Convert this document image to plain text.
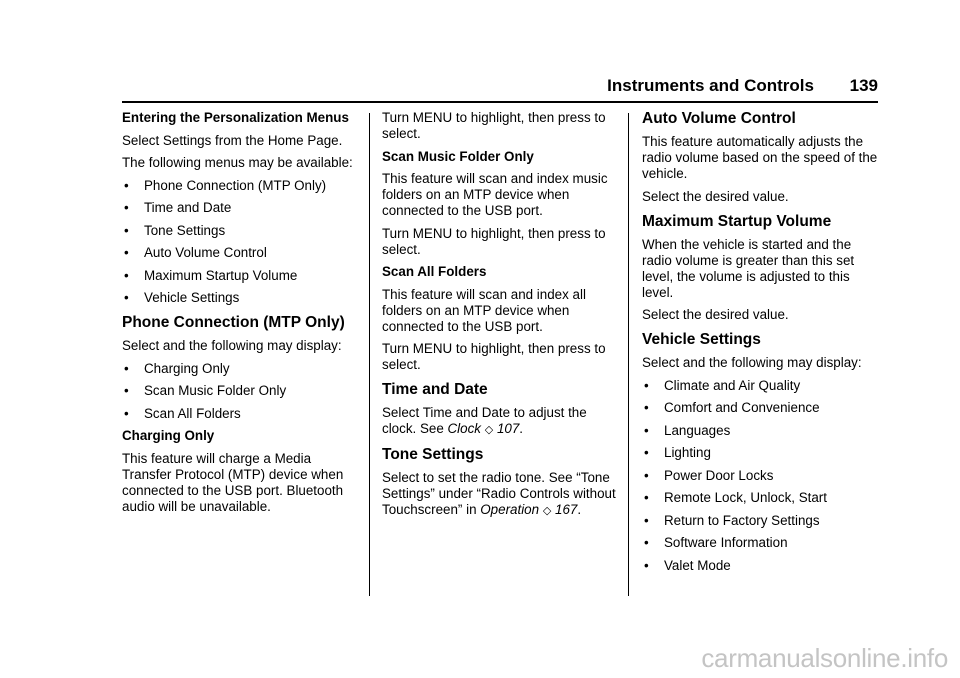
Instruments and Controls 139

Entering the Personalization Menus

Select Settings from the Home Page.

The following menus may be available:

• Phone Connection (MTP Only)
• Time and Date
• Tone Settings
• Auto Volume Control
• Maximum Startup Volume
• Vehicle Settings
Phone Connection (MTP Only)

Select and the following may display:

• Charging Only
• Scan Music Folder Only
• Scan All Folders

Charging Only

This feature will charge a Media Transfer Protocol (MTP) device when connected to the USB port. Bluetooth audio will be unavailable.

Turn MENU to highlight, then press to select.

Scan Music Folder Only

This feature will scan and index music folders on an MTP device when connected to the USB port.

Turn MENU to highlight, then press to select.

Scan All Folders

This feature will scan and index all folders on an MTP device when connected to the USB port.

Turn MENU to highlight, then press to select.

Time and Date

Select Time and Date to adjust the clock. See Clock ◇ 107.

Tone Settings

Select to set the radio tone. See “Tone Settings” under “Radio Controls without Touchscreen” in Operation ◇ 167.

Auto Volume Control

This feature automatically adjusts the radio volume based on the speed of the vehicle.

Select the desired value.

Maximum Startup Volume

When the vehicle is started and the radio volume is greater than this set level, the volume is adjusted to this level.

Select the desired value.

Vehicle Settings

Select and the following may display:

• Climate and Air Quality
• Comfort and Convenience
• Languages
• Lighting
• Power Door Locks
• Remote Lock, Unlock, Start
• Return to Factory Settings
• Software Information
• Valet Mode
carmanualsonline.info
